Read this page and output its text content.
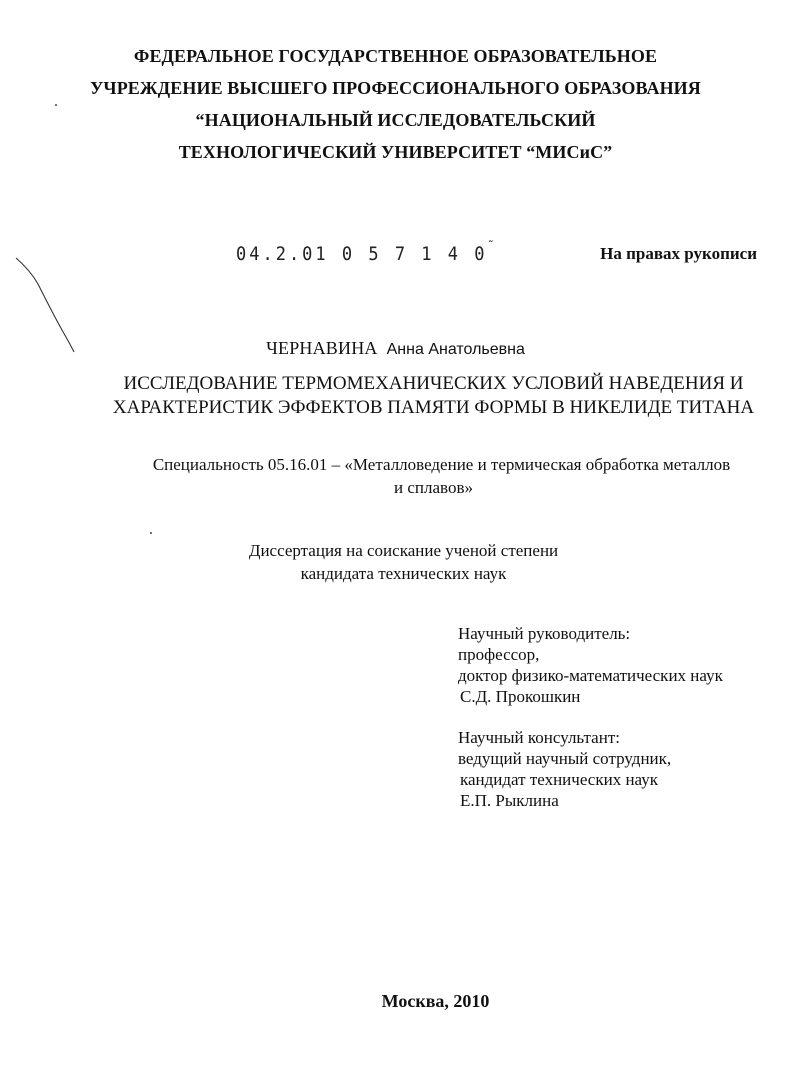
ФЕДЕРАЛЬНОЕ ГОСУДАРСТВЕННОЕ ОБРАЗОВАТЕЛЬНОЕ
УЧРЕЖДЕНИЕ ВЫСШЕГО ПРОФЕССИОНАЛЬНОГО ОБРАЗОВАНИЯ
“НАЦИОНАЛЬНЫЙ ИССЛЕДОВАТЕЛЬСКИЙ
ТЕХНОЛОГИЧЕСКИЙ УНИВЕРСИТЕТ “МИСиС”
04.2.01 0 5 7 1 4 0˜	На правах рукописи
ЧЕРНАВИНА Анна Анатольевна
ИССЛЕДОВАНИЕ ТЕРМОМЕХАНИЧЕСКИХ УСЛОВИЙ НАВЕДЕНИЯ И
ХАРАКТЕРИСТИК ЭФФЕКТОВ ПАМЯТИ ФОРМЫ В НИКЕЛИДЕ ТИТАНА
Специальность 05.16.01 – «Металловедение и термическая обработка металлов
и сплавов»
Диссертация на соискание ученой степени
кандидата технических наук
Научный руководитель:
профессор,
доктор физико-математических наук
С.Д. Прокошкин
Научный консультант:
ведущий научный сотрудник,
кандидат технических наук
Е.П. Рыклина
Москва, 2010
